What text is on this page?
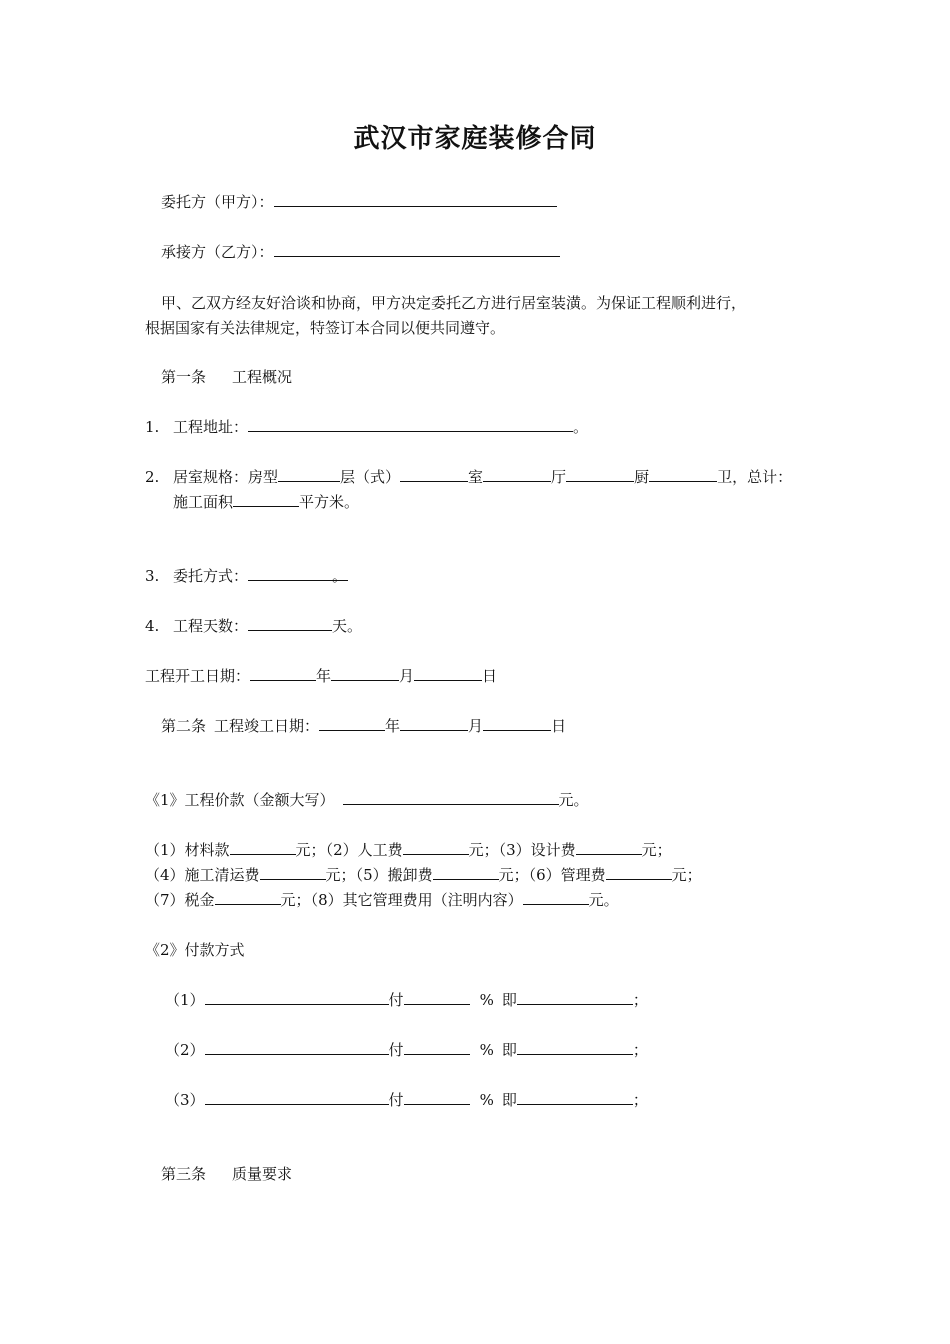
武汉市家庭装修合同
委托方（甲方）：
承接方（乙方）：
甲、乙双方经友好洽谈和协商，甲方决定委托乙方进行居室装潢。为保证工程顺利进行，
根据国家有关法律规定，特签订本合同以便共同遵守。
第一条 工程概况
1. 工程地址：	。
2. 居室规格：房型	层（式）	室	厅	厨	卫，总计：
施工面积	平方米。
3. 委托方式：	。
4. 工程天数：	天。
工程开工日期：	年	月	日
第二条 工程竣工日期：	年	月	日
《1》工程价款（金额大写）	元。
（1）材料款	元；（2）人工费	元；（3）设计费	元；
（4）施工清运费	元；（5）搬卸费	元；（6）管理费	元；
（7）税金	元；（8）其它管理费用（注明内容）	元。
《2》付款方式
（1）	付	% 即	；
（2）	付	% 即	；
（3）	付	% 即	；
第三条 质量要求
